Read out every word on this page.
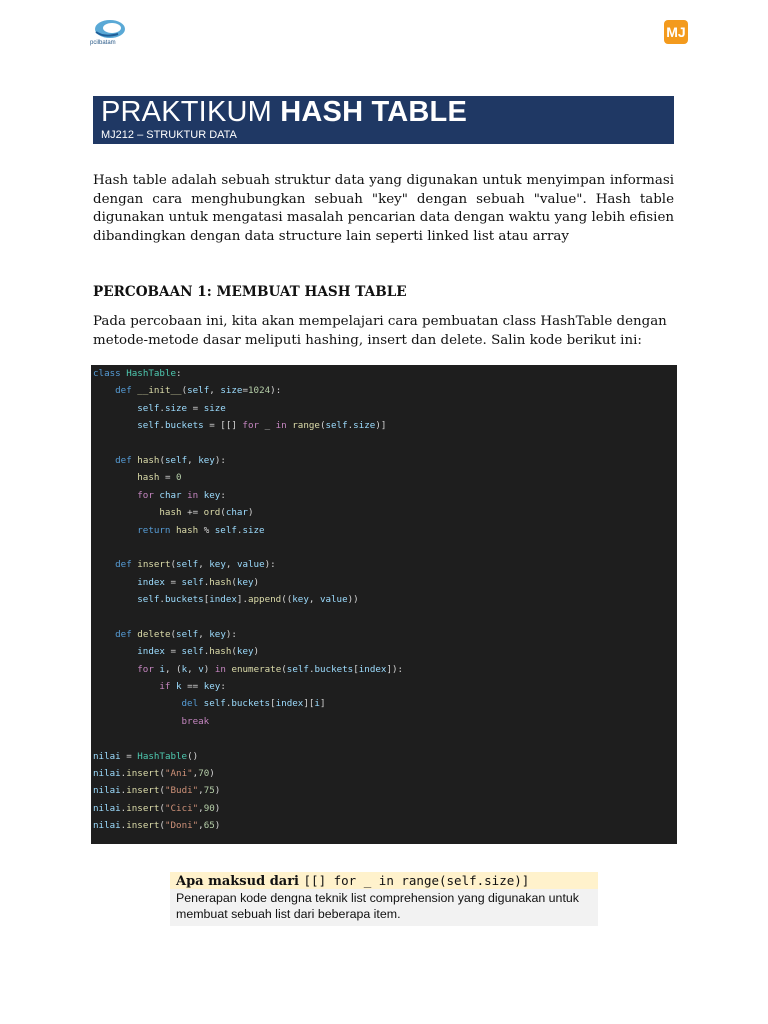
pcilbatam
MJ
PRAKTIKUM HASH TABLE
MJ212 – STRUKTUR DATA
Hash table adalah sebuah struktur data yang digunakan untuk menyimpan informasi dengan cara menghubungkan sebuah "key" dengan sebuah "value". Hash table digunakan untuk mengatasi masalah pencarian data dengan waktu yang lebih efisien dibandingkan dengan data structure lain seperti linked list atau array
PERCOBAAN 1: MEMBUAT HASH TABLE
Pada percobaan ini, kita akan mempelajari cara pembuatan class HashTable dengan metode-metode dasar meliputi hashing, insert dan delete. Salin kode berikut ini:
class HashTable:
def __init__(self, size=1024):
self.size = size
self.buckets = [[] for _ in range(self.size)]
def hash(self, key):
hash = 0
for char in key:
hash += ord(char)
return hash % self.size
def insert(self, key, value):
index = self.hash(key)
self.buckets[index].append((key, value))
def delete(self, key):
index = self.hash(key)
for i, (k, v) in enumerate(self.buckets[index]):
if k == key:
del self.buckets[index][i]
break
nilai = HashTable()
nilai.insert("Ani",70)
nilai.insert("Budi",75)
nilai.insert("Cici",90)
nilai.insert("Doni",65)
Apa maksud dari [[] for _ in range(self.size)]
Penerapan kode dengna teknik list comprehension yang digunakan untuk membuat sebuah list dari beberapa item.
